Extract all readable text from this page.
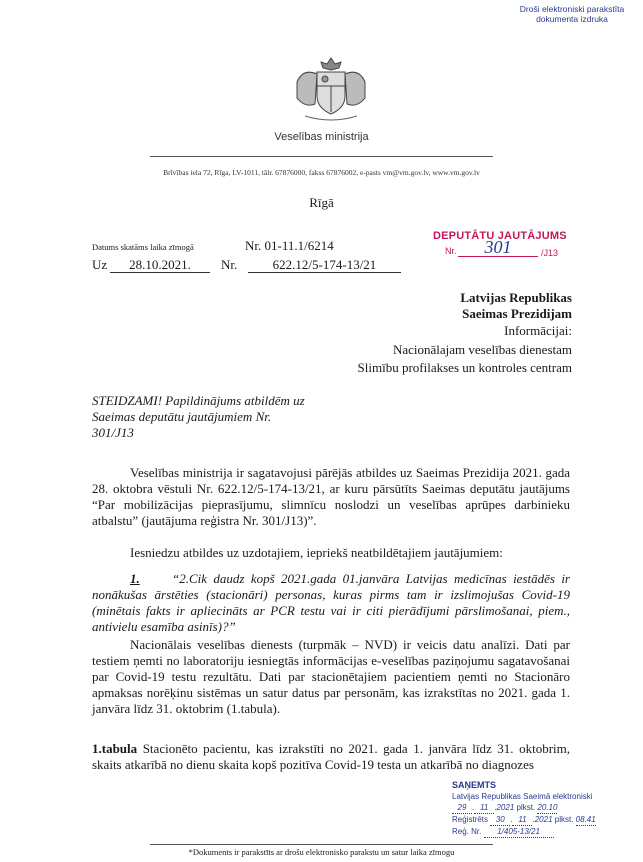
Droši elektroniski parakstīta
dokumenta izdruka
Veselības ministrija
Brīvības iela 72, Rīga, LV-1011, tālr. 67876000, fakss 67876002, e-pasts vm@vm.gov.lv, www.vm.gov.lv
Rīgā
Datums skatāms laika zīmogā	Nr. 01-11.1/6214
Uz	28.10.2021.	Nr.	622.12/5-174-13/21
DEPUTĀTU JAUTĀJUMS
Nr.	301	/J13
Latvijas Republikas
Saeimas Prezidijam
Informācijai:
Nacionālajam veselības dienestam
Slimību profilakses un kontroles centram
STEIDZAMI! Papildinājums atbildēm uz Saeimas deputātu jautājumiem Nr. 301/J13
Veselības ministrija ir sagatavojusi pārējās atbildes uz Saeimas Prezidija 2021. gada 28. oktobra vēstuli Nr. 622.12/5-174-13/21, ar kuru pārsūtīts Saeimas deputātu jautājums “Par mobilizācijas pieprasījumu, slimnīcu noslodzi un veselības aprūpes darbinieku atbalstu” (jautājuma reģistra Nr. 301/J13)”.
Iesniedzu atbildes uz uzdotajiem, iepriekš neatbildētajiem jautājumiem:
1. “2.Cik daudz kopš 2021.gada 01.janvāra Latvijas medicīnas iestādēs ir nonākušas ārstēties (stacionāri) personas, kuras pirms tam ir izslimojušas Covid-19 (minētais fakts ir apliecināts ar PCR testu vai ir citi pierādījumi pārslimošanai, piem., antivielu esamība asinīs)?”
Nacionālais veselības dienests (turpmāk – NVD) ir veicis datu analīzi. Dati par testiem ņemti no laboratoriju iesniegtās informācijas e-veselības paziņojumu sagatavošanai par Covid-19 testu rezultātu. Dati par stacionētajiem pacientiem ņemti no Stacionāro apmaksas norēķinu sistēmas un satur datus par personām, kas izrakstītas no 2021. gada 1. janvāra līdz 31. oktobrim (1.tabula).
1.tabula Stacionēto pacientu, kas izrakstīti no 2021. gada 1. janvāra līdz 31. oktobrim, skaits atkarībā no dienu skaita kopš pozitīva Covid-19 testa un atkarībā no diagnozes
SAŅEMTS
Latvijas Republikas Saeimā elektroniski
29 . 11 .2021 plkst. 20.10
Reģistrēts 30 . 11 .2021 plkst. 08.41
Reģ. Nr. 1/405-13/21
*Dokuments ir parakstīts ar drošu elektronisko parakstu un satur laika zīmogu
